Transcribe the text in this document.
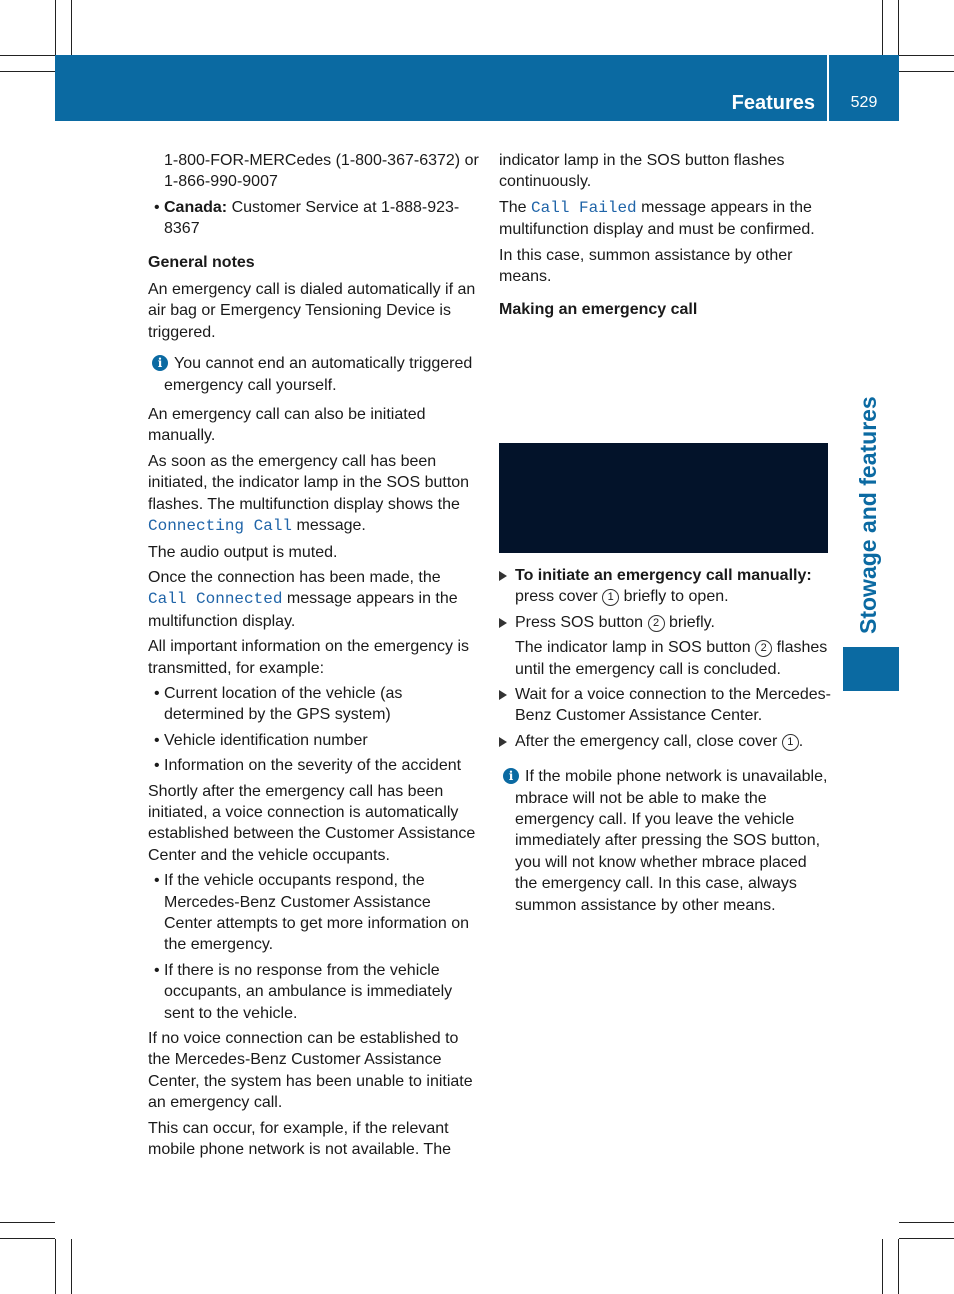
Features	529
Stowage and features

1-800-FOR-MERCedes (1-800-367-6372) or 1-866-990-9007

• Canada: Customer Service at 1-888-923-8367
General notes

An emergency call is dialed automatically if an air bag or Emergency Tensioning Device is triggered.

i You cannot end an automatically triggered emergency call yourself.

An emergency call can also be initiated manually.

As soon as the emergency call has been initiated, the indicator lamp in the SOS button flashes. The multifunction display shows the Connecting Call message.

The audio output is muted.

Once the connection has been made, the Call Connected message appears in the multifunction display.

All important information on the emergency is transmitted, for example:

• Current location of the vehicle (as determined by the GPS system)
• Vehicle identification number
• Information on the severity of the accident

Shortly after the emergency call has been initiated, a voice connection is automatically established between the Customer Assistance Center and the vehicle occupants.

• If the vehicle occupants respond, the Mercedes-Benz Customer Assistance Center attempts to get more information on the emergency.
• If there is no response from the vehicle occupants, an ambulance is immediately sent to the vehicle.

If no voice connection can be established to the Mercedes-Benz Customer Assistance Center, the system has been unable to initiate an emergency call.

This can occur, for example, if the relevant mobile phone network is not available. The

indicator lamp in the SOS button flashes continuously.

The Call Failed message appears in the multifunction display and must be confirmed.

In this case, summon assistance by other means.

Making an emergency call
To initiate an emergency call manually: press cover 1 briefly to open.
Press SOS button 2 briefly.
The indicator lamp in SOS button 2 flashes until the emergency call is concluded.
Wait for a voice connection to the Mercedes-Benz Customer Assistance Center.
After the emergency call, close cover 1 .
i If the mobile phone network is unavailable, mbrace will not be able to make the emergency call. If you leave the vehicle immediately after pressing the SOS button, you will not know whether mbrace placed the emergency call. In this case, always summon assistance by other means.
